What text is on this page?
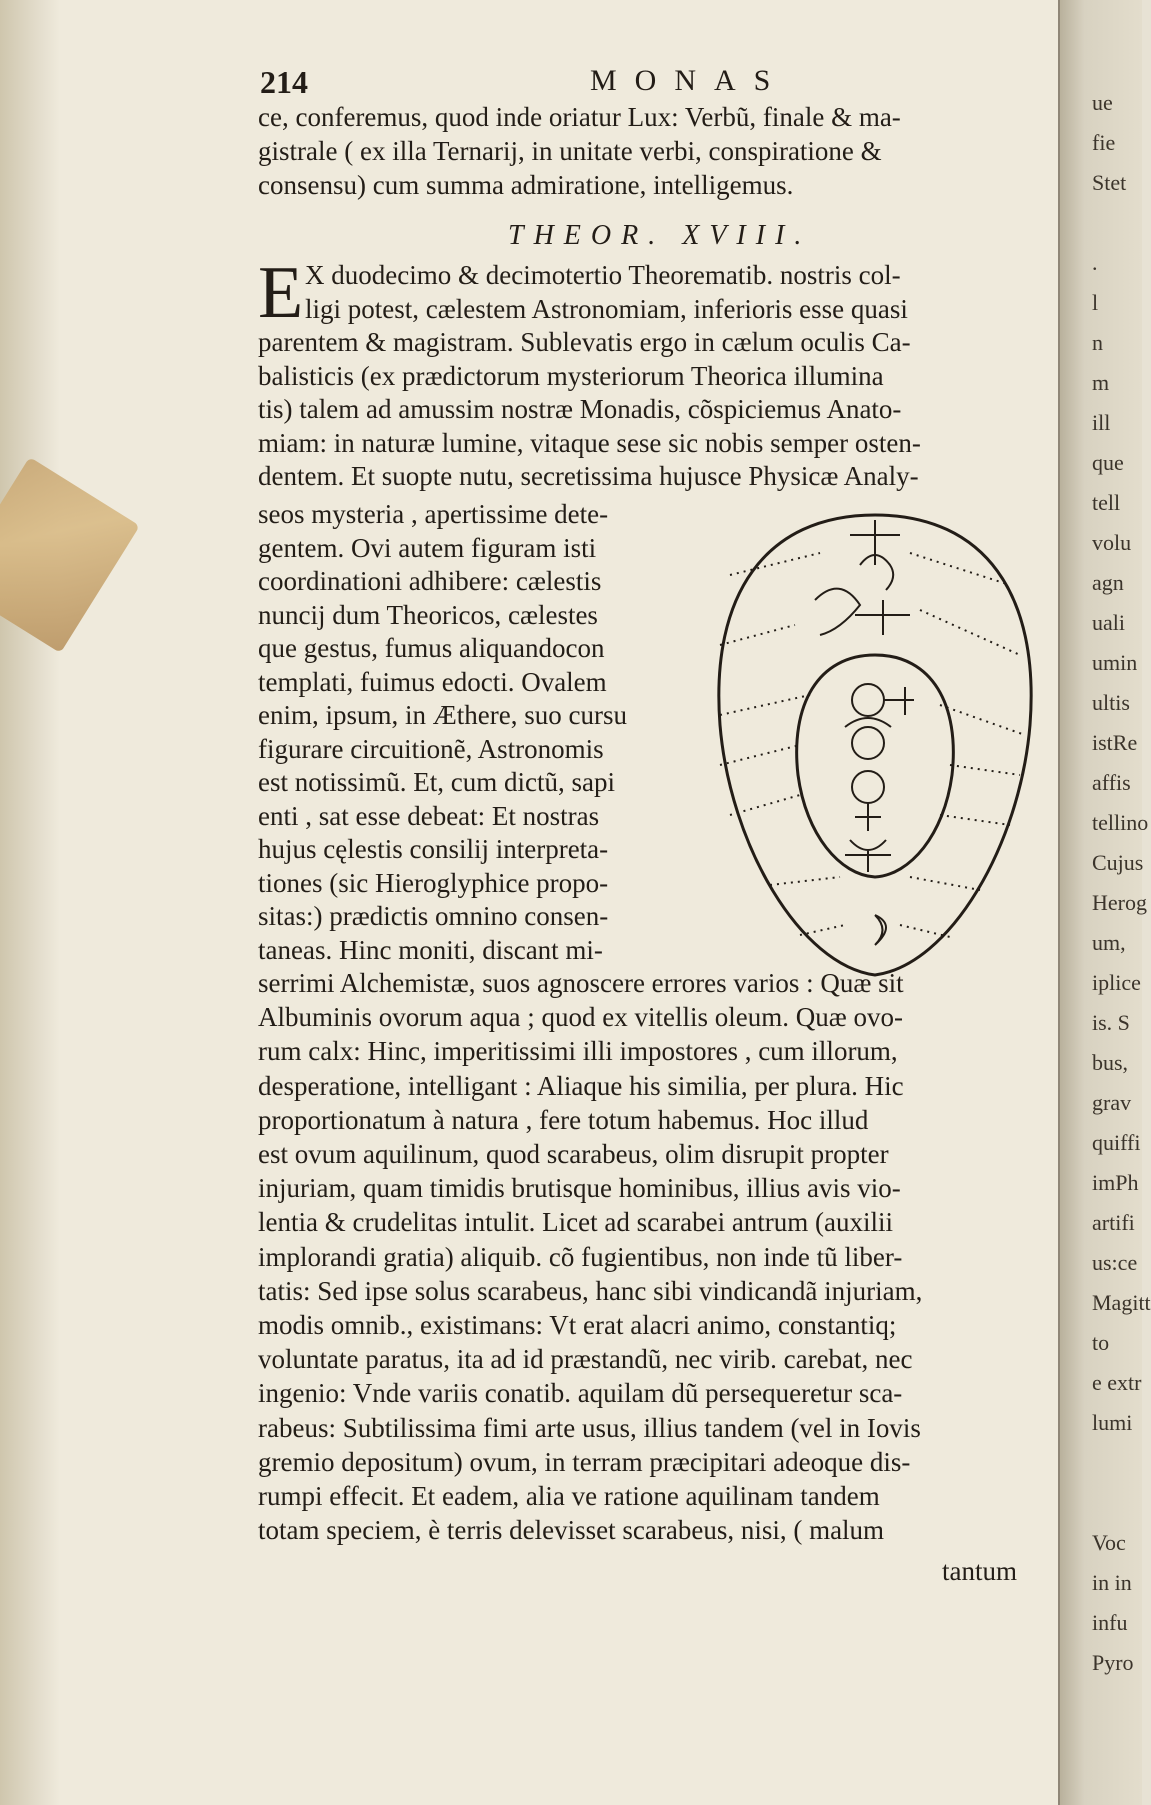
214	MONAS
ce, conferemus, quod inde oriatur Lux: Verbũ, finale & ma-
gistrale ( ex illa Ternarij, in unitate verbi, conspiratione &
consensu) cum summa admiratione, intelligemus.
THEOR. XVIII.
E X duodecimo & decimotertio Theorematib. nostris col-
ligi potest, cælestem Astronomiam, inferioris esse quasi
parentem & magistram. Sublevatis ergo in cælum oculis Ca-
balisticis (ex prædictorum mysteriorum Theorica illumina
tis) talem ad amussim nostræ Monadis, cõspiciemus Anato-
miam: in naturæ lumine, vitaque sese sic nobis semper osten-
dentem. Et suopte nutu, secretissima hujusce Physicæ Analy-
seos mysteria , apertissime dete-
gentem. Ovi autem figuram isti
coordinationi adhibere: cælestis
nuncij dum Theoricos, cælestes
que gestus, fumus aliquandocon
templati, fuimus edocti. Ovalem
enim, ipsum, in Æthere, suo cursu
figurare circuitionẽ, Astronomis
est notissimũ. Et, cum dictũ, sapi
enti , sat esse debeat: Et nostras
hujus cęlestis consilij interpreta-
tiones (sic Hieroglyphice propo-
sitas:) prædictis omnino consen-
taneas. Hinc moniti, discant mi-
serrimi Alchemistæ, suos agnoscere errores varios : Quæ sit
Albuminis ovorum aqua ; quod ex vitellis oleum. Quæ ovo-
rum calx: Hinc, imperitissimi illi impostores , cum illorum,
desperatione, intelligant : Aliaque his similia, per plura. Hic
proportionatum à natura , fere totum habemus. Hoc illud
est ovum aquilinum, quod scarabeus, olim disrupit propter
injuriam, quam timidis brutisque hominibus, illius avis vio-
lentia & crudelitas intulit. Licet ad scarabei antrum (auxilii
implorandi gratia) aliquib. cõ fugientibus, non inde tũ liber-
tatis: Sed ipse solus scarabeus, hanc sibi vindicandã injuriam,
modis omnib., existimans: Vt erat alacri animo, constantiq;
voluntate paratus, ita ad id præstandũ, nec virib. carebat, nec
ingenio: Vnde variis conatib. aquilam dũ persequeretur sca-
rabeus: Subtilissima fimi arte usus, illius tandem (vel in Iovis
gremio depositum) ovum, in terram præcipitari adeoque dis-
rumpi effecit. Et eadem, alia ve ratione aquilinam tandem
totam speciem, è terris delevisset scarabeus, nisi, ( malum
tantum
ue
fie
Stet
.
l
n
m
ill
que
tell
volu
agn
uali
umin
ultis
istRe
affis
tellino
Cujus
Herog
um,
iplice
is. S
bus,
grav
quiffi
imPh
artifi
us:ce
Magitt
to
e extr
lumi
Voc
in in
infu
Pyro
